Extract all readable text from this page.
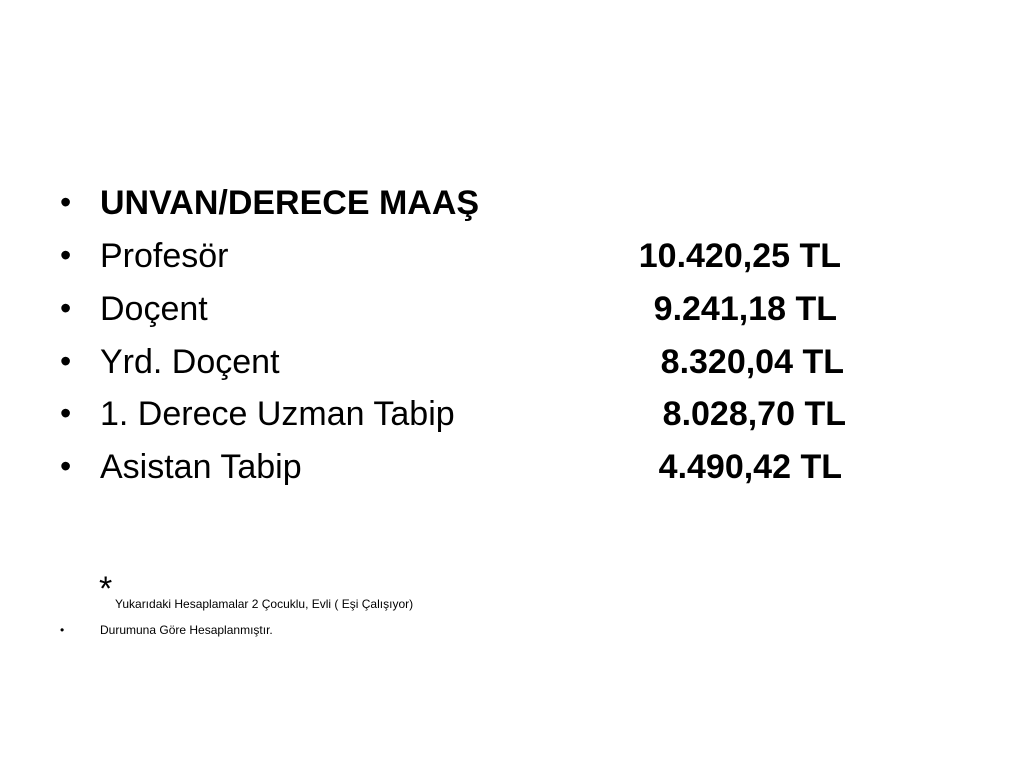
• UNVAN/DERECE MAAŞ
• Profesör	10.420,25 TL
• Doçent	9.241,18 TL
• Yrd. Doçent	8.320,04 TL
• 1. Derece Uzman Tabip	8.028,70 TL
• Asistan Tabip	4.490,42 TL
* Yukarıdaki Hesaplamalar 2 Çocuklu, Evli ( Eşi Çalışıyor)
•	Durumuna Göre Hesaplanmıştır.
